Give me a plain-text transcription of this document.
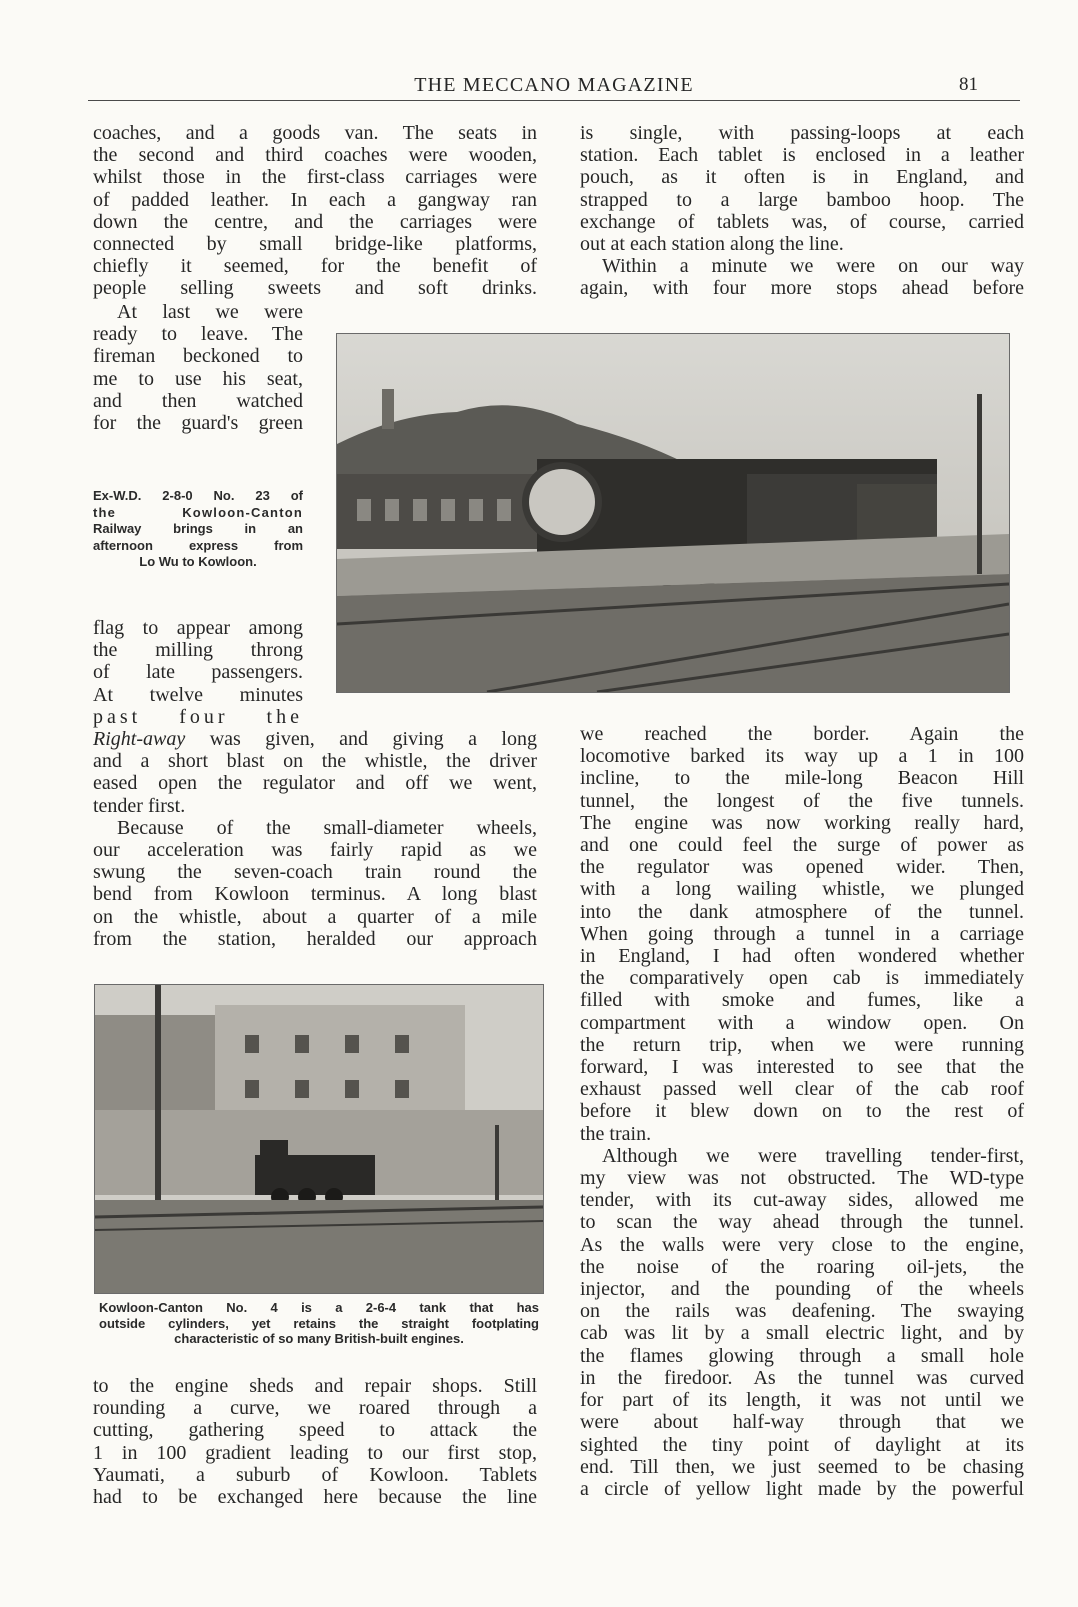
THE MECCANO MAGAZINE	81
coaches, and a goods van. The seats in
the second and third coaches were wooden,
whilst those in the first-class carriages were
of padded leather. In each a gangway ran
down the centre, and the carriages were
connected by small bridge-like platforms,
chiefly it seemed, for the benefit of
people selling sweets and soft drinks.
At last we were
ready to leave. The
fireman beckoned to
me to use his seat,
and then watched
for the guard's green
Ex-W.D. 2-8-0 No. 23 of
the Kowloon-Canton
Railway brings in an
afternoon express from
Lo Wu to Kowloon.
flag to appear among
the milling throng
of late passengers.
At twelve minutes
past four the
Right-away was given, and giving a long
and a short blast on the whistle, the driver
eased open the regulator and off we went,
tender first.
Because of the small-diameter wheels,
our acceleration was fairly rapid as we
swung the seven-coach train round the
bend from Kowloon terminus. A long blast
on the whistle, about a quarter of a mile
from the station, heralded our approach
Kowloon-Canton No. 4 is a 2-6-4 tank that has
outside cylinders, yet retains the straight footplating
characteristic of so many British-built engines.
to the engine sheds and repair shops. Still
rounding a curve, we roared through a
cutting, gathering speed to attack the
1 in 100 gradient leading to our first stop,
Yaumati, a suburb of Kowloon. Tablets
had to be exchanged here because the line
is single, with passing-loops at each
station. Each tablet is enclosed in a leather
pouch, as it often is in England, and
strapped to a large bamboo hoop. The
exchange of tablets was, of course, carried
out at each station along the line.
Within a minute we were on our way
again, with four more stops ahead before
we reached the border. Again the
locomotive barked its way up a 1 in 100
incline, to the mile-long Beacon Hill
tunnel, the longest of the five tunnels.
The engine was now working really hard,
and one could feel the surge of power as
the regulator was opened wider. Then,
with a long wailing whistle, we plunged
into the dank atmosphere of the tunnel.
When going through a tunnel in a carriage
in England, I had often wondered whether
the comparatively open cab is immediately
filled with smoke and fumes, like a
compartment with a window open. On
the return trip, when we were running
forward, I was interested to see that the
exhaust passed well clear of the cab roof
before it blew down on to the rest of
the train.
Although we were travelling tender-first,
my view was not obstructed. The WD-type
tender, with its cut-away sides, allowed me
to scan the way ahead through the tunnel.
As the walls were very close to the engine,
the noise of the roaring oil-jets, the
injector, and the pounding of the wheels
on the rails was deafening. The swaying
cab was lit by a small electric light, and by
the flames glowing through a small hole
in the firedoor. As the tunnel was curved
for part of its length, it was not until we
were about half-way through that we
sighted the tiny point of daylight at its
end. Till then, we just seemed to be chasing
a circle of yellow light made by the powerful
